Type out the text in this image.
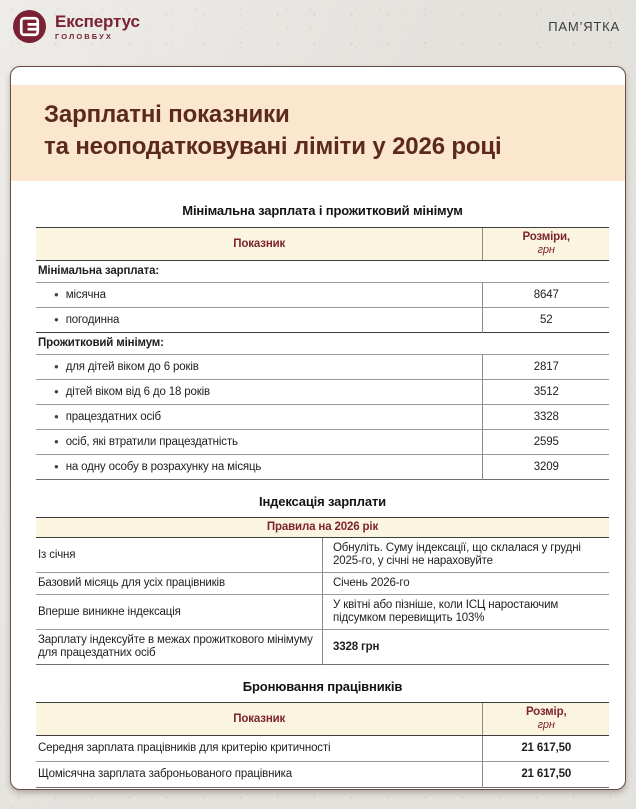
Експертус
ГОЛОВБУХ
ПАМ’ЯТКА
Зарплатні показники
та неоподатковувані ліміти у 2026 році
Мінімальна зарплата і прожитковий мінімум
Показник	Розміри,
грн

Мінімальна зарплата:	
● місячна	8647
● погодинна	52
Прожитковий мінімум:	
● для дітей віком до 6 років	2817
● дітей віком від 6 до 18 років	3512
● працездатних осіб	3328
● осіб, які втратили працездатність	2595
● на одну особу в розрахунку на місяць	3209
Індексація зарплати
Правила на 2026 рік	
Із січня	Обнуліть. Суму індексації, що склалася у грудні 2025-го, у січні не нараховуйте
Базовий місяць для усіх працівників	Січень 2026-го
Вперше виникне індексація	У квітні або пізніше, коли ІСЦ наростаючим підсумком перевищить 103%
Зарплату індексуйте в межах прожиткового мінімуму для працездатних осіб	3328 грн
Бронювання працівників
Показник	Розмір,
грн

Середня зарплата працівників для критерію критичності	21 617,50
Щомісячна зарплата заброньованого працівника	21 617,50
